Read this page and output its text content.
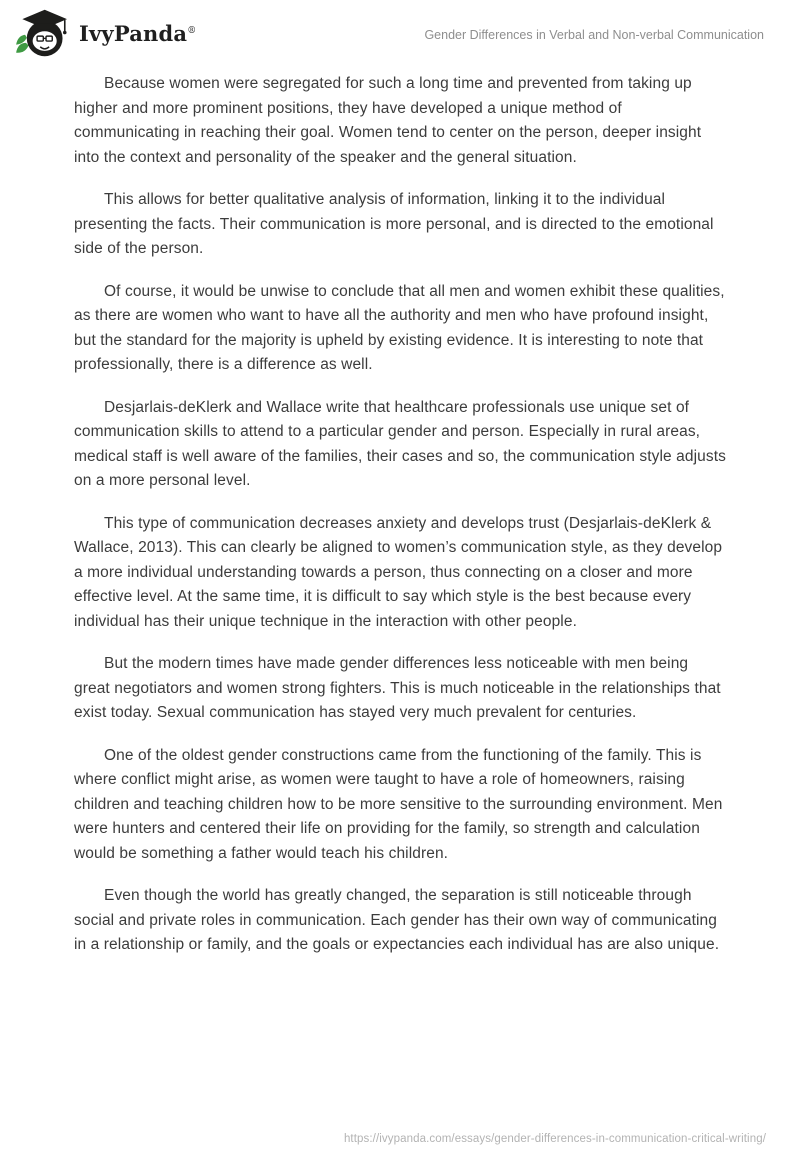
IvyPanda®	Gender Differences in Verbal and Non-verbal Communication

Because women were segregated for such a long time and prevented from taking up higher and more prominent positions, they have developed a unique method of communicating in reaching their goal. Women tend to center on the person, deeper insight into the context and personality of the speaker and the general situation.

This allows for better qualitative analysis of information, linking it to the individual presenting the facts. Their communication is more personal, and is directed to the emotional side of the person.

Of course, it would be unwise to conclude that all men and women exhibit these qualities, as there are women who want to have all the authority and men who have profound insight, but the standard for the majority is upheld by existing evidence. It is interesting to note that professionally, there is a difference as well.

Desjarlais-deKlerk and Wallace write that healthcare professionals use unique set of communication skills to attend to a particular gender and person. Especially in rural areas, medical staff is well aware of the families, their cases and so, the communication style adjusts on a more personal level.

This type of communication decreases anxiety and develops trust (Desjarlais-deKlerk & Wallace, 2013). This can clearly be aligned to women’s communication style, as they develop a more individual understanding towards a person, thus connecting on a closer and more effective level. At the same time, it is difficult to say which style is the best because every individual has their unique technique in the interaction with other people.

But the modern times have made gender differences less noticeable with men being great negotiators and women strong fighters. This is much noticeable in the relationships that exist today. Sexual communication has stayed very much prevalent for centuries.

One of the oldest gender constructions came from the functioning of the family. This is where conflict might arise, as women were taught to have a role of homeowners, raising children and teaching children how to be more sensitive to the surrounding environment. Men were hunters and centered their life on providing for the family, so strength and calculation would be something a father would teach his children.

Even though the world has greatly changed, the separation is still noticeable through social and private roles in communication. Each gender has their own way of communicating in a relationship or family, and the goals or expectancies each individual has are also unique.

https://ivypanda.com/essays/gender-differences-in-communication-critical-writing/
